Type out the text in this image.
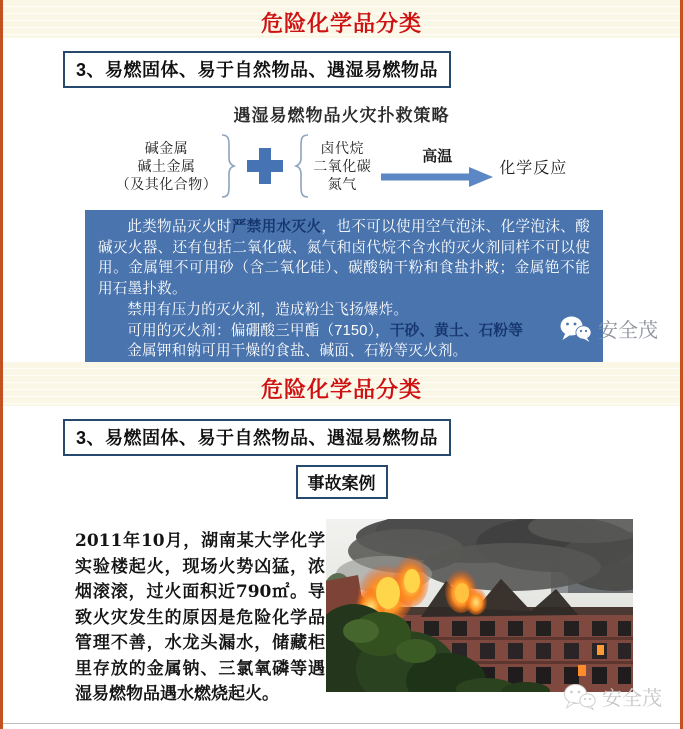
危险化学品分类
3、易燃固体、易于自然物品、遇湿易燃物品
遇湿易燃物品火灾扑救策略
碱金属
碱土金属
（及其化合物）
卤代烷
二氧化碳
氮气
高温
化学反应

此类物品灭火时严禁用水灭火，也不可以使用空气泡沫、化学泡沫、酸碱灭火器、还有包括二氧化碳、氮气和卤代烷不含水的灭火剂同样不可以使用。金属锂不可用砂（含二氧化硅）、碳酸钠干粉和食盐扑救；金属铯不能用石墨扑救。

禁用有压力的灭火剂，造成粉尘飞扬爆炸。

可用的灭火剂：偏硼酸三甲酯（7150），干砂、黄土、石粉等

金属钾和钠可用干燥的食盐、碱面、石粉等灭火剂。

安全茂
危险化学品分类
3、易燃固体、易于自然物品、遇湿易燃物品
事故案例

2011年10月，湖南某大学化学实验楼起火，现场火势凶猛，浓烟滚滚，过火面积近790㎡。导致火灾发生的原因是危险化学品管理不善，水龙头漏水，储藏柜里存放的金属钠、三氯氧磷等遇湿易燃物品遇水燃烧起火。	安全茂
